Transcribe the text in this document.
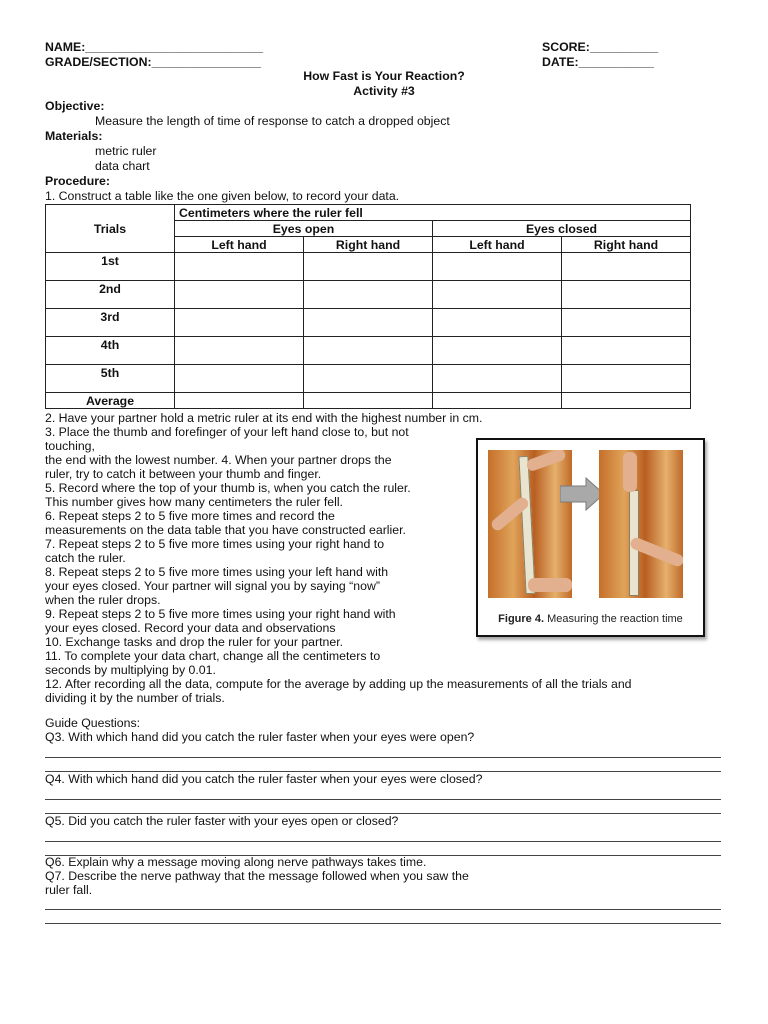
NAME:__________________________	SCORE:__________
GRADE/SECTION:________________	DATE:___________
How Fast is Your Reaction?
Activity #3
Objective:
Measure the length of time of response to catch a dropped object
Materials:
metric ruler
data chart
Procedure:
1. Construct a table like the one given below, to record your data.
Trials	Centimeters where the ruler fell			
	Eyes open		Eyes closed	
	Left hand	Right hand	Left hand	Right hand
1st				
2nd				
3rd				
4th				
5th				
Average				
2. Have your partner hold a metric ruler at its end with the highest number in cm.
3. Place the thumb and forefinger of your left hand close to, but not
touching,
the end with the lowest number. 4. When your partner drops the
ruler, try to catch it between your thumb and finger.
5. Record where the top of your thumb is, when you catch the ruler.
This number gives how many centimeters the ruler fell.
6. Repeat steps 2 to 5 five more times and record the
measurements on the data table that you have constructed earlier.
7. Repeat steps 2 to 5 five more times using your right hand to
catch the ruler.
8. Repeat steps 2 to 5 five more times using your left hand with
your eyes closed. Your partner will signal you by saying “now”
when the ruler drops.
9. Repeat steps 2 to 5 five more times using your right hand with
your eyes closed. Record your data and observations
10. Exchange tasks and drop the ruler for your partner.
11. To complete your data chart, change all the centimeters to
seconds by multiplying by 0.01.
12. After recording all the data, compute for the average by adding up the measurements of all the trials and
dividing it by the number of trials.
Figure 4. Measuring the reaction time
Guide Questions:
Q3. With which hand did you catch the ruler faster when your eyes were open?
Q4. With which hand did you catch the ruler faster when your eyes were closed?
Q5. Did you catch the ruler faster with your eyes open or closed?
Q6. Explain why a message moving along nerve pathways takes time.
Q7. Describe the nerve pathway that the message followed when you saw the
ruler fall.
